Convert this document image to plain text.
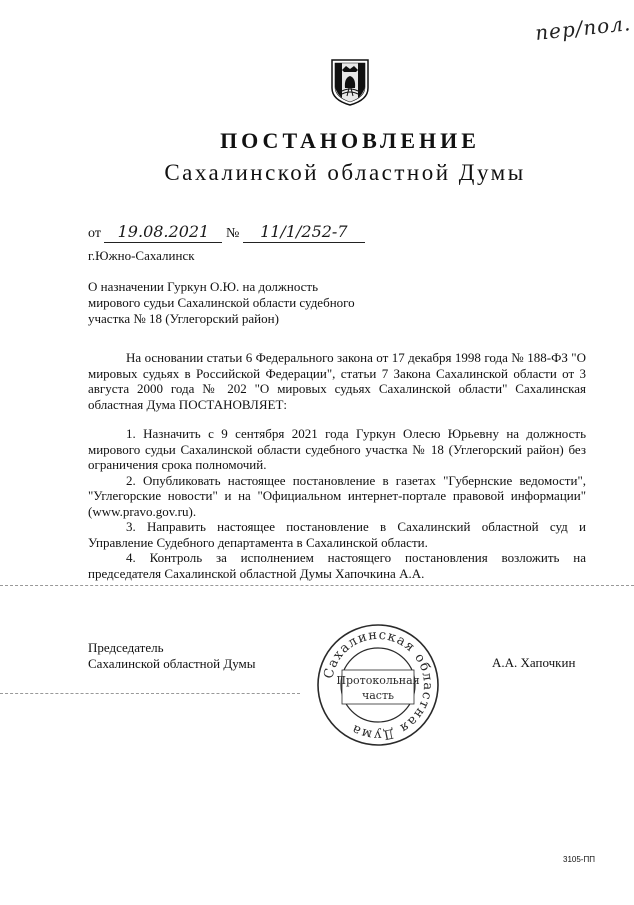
пер/пол.
ПОСТАНОВЛЕНИЕ
Сахалинской областной Думы
от 19.08.2021 № 11/1/252-7
г.Южно-Сахалинск
О назначении Гуркун О.Ю. на должность мирового судьи Сахалинской области судебного участка № 18 (Углегорский район)

На основании статьи 6 Федерального закона от 17 декабря 1998 года № 188-ФЗ "О мировых судьях в Российской Федерации", статьи 7 Закона Сахалинской области от 3 августа 2000 года № 202 "О мировых судьях Сахалинской области" Сахалинская областная Дума ПОСТАНОВЛЯЕТ:

1. Назначить с 9 сентября 2021 года Гуркун Олесю Юрьевну на должность мирового судьи Сахалинской области судебного участка № 18 (Углегорский район) без ограничения срока полномочий.

2. Опубликовать настоящее постановление в газетах "Губернские ведомости", "Углегорские новости" и на "Официальном интернет-портале правовой информации" (www.pravo.gov.ru).

3. Направить настоящее постановление в Сахалинский областной суд и Управление Судебного департамента в Сахалинской области.

4. Контроль за исполнением настоящего постановления возложить на председателя Сахалинской областной Думы Хапочкина А.А.

Председатель
Сахалинской областной Думы	А.А. Хапочкин
Сахалинская областная Дума
Протокольная
часть
3105-ПП
